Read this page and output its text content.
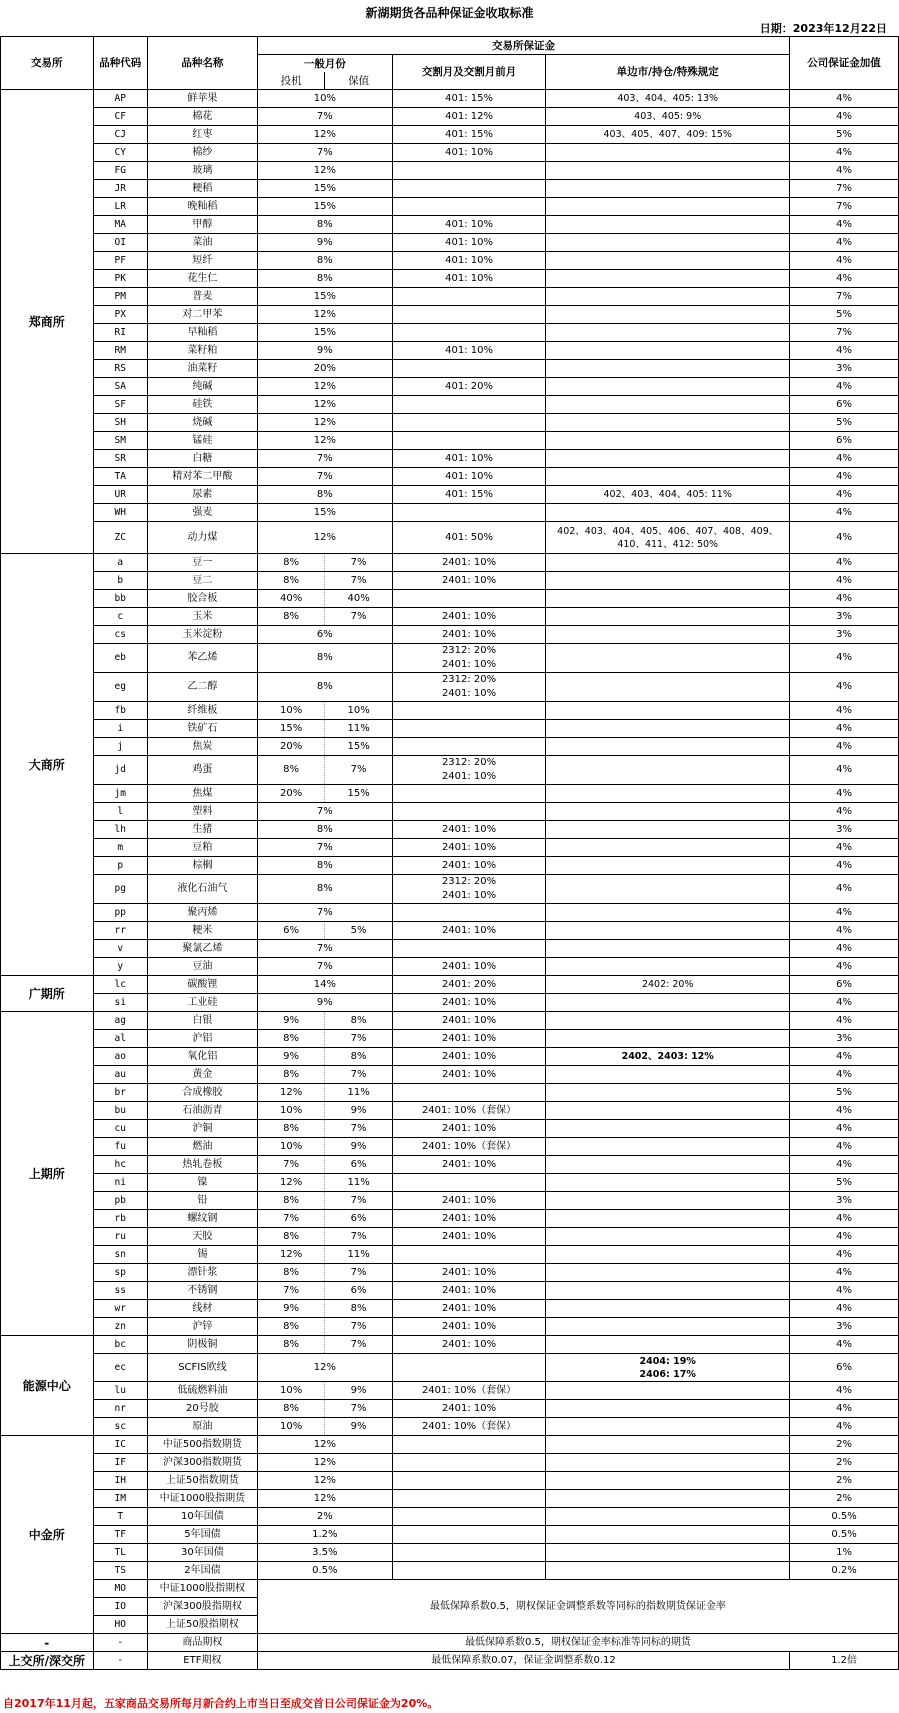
新湖期货各品种保证金收取标准
日期：2023年12月22日
交易所	品种代码	品种名称	交易所保证金				公司保证金加值
			一般月份		交割月及交割月前月	单边市/持仓/特殊规定	
			投机	保值			
郑商所	AP	鲜苹果	10%		401: 15%	403、404、405: 13%	4%
	CF	棉花	7%		401: 12%	403、405: 9%	4%
	CJ	红枣	12%		401: 15%	403、405、407、409: 15%	5%
	CY	棉纱	7%		401: 10%		4%
	FG	玻璃	12%				4%
	JR	粳稻	15%				7%
	LR	晚籼稻	15%				7%
	MA	甲醇	8%		401: 10%		4%
	OI	菜油	9%		401: 10%		4%
	PF	短纤	8%		401: 10%		4%
	PK	花生仁	8%		401: 10%		4%
	PM	普麦	15%				7%
	PX	对二甲苯	12%				5%
	RI	早籼稻	15%				7%
	RM	菜籽粕	9%		401: 10%		4%
	RS	油菜籽	20%				3%
	SA	纯碱	12%		401: 20%		4%
	SF	硅铁	12%				6%
	SH	烧碱	12%				5%
	SM	锰硅	12%				6%
	SR	白糖	7%		401: 10%		4%
	TA	精对苯二甲酸	7%		401: 10%		4%
	UR	尿素	8%		401: 15%	402、403、404、405: 11%	4%
	WH	强麦	15%				4%
	ZC	动力煤	12%		401: 50%	402、403、404、405、406、407、408、409、410、411、412: 50%	4%
大商所	a	豆一	8%	7%	2401: 10%		4%
	b	豆二	8%	7%	2401: 10%		4%
	bb	胶合板	40%	40%			4%
	c	玉米	8%	7%	2401: 10%		3%
	cs	玉米淀粉	6%		2401: 10%		3%
	eb	苯乙烯	8%		2312: 20%
2401: 10%		4%
	eg	乙二醇	8%		2312: 20%
2401: 10%		4%
	fb	纤维板	10%	10%			4%
	i	铁矿石	15%	11%			4%
	j	焦炭	20%	15%			4%
	jd	鸡蛋	8%	7%	2312: 20%
2401: 10%		4%
	jm	焦煤	20%	15%			4%
	l	塑料	7%				4%
	lh	生猪	8%		2401: 10%		3%
	m	豆粕	7%		2401: 10%		4%
	p	棕榈	8%		2401: 10%		4%
	pg	液化石油气	8%		2312: 20%
2401: 10%		4%
	pp	聚丙烯	7%				4%
	rr	粳米	6%	5%	2401: 10%		4%
	v	聚氯乙烯	7%				4%
	y	豆油	7%		2401: 10%		4%
广期所	lc	碳酸锂	14%		2401: 20%	2402: 20%	6%
	si	工业硅	9%		2401: 10%		4%
上期所	ag	白银	9%	8%	2401: 10%		4%
	al	沪铝	8%	7%	2401: 10%		3%
	ao	氧化铝	9%	8%	2401: 10%	2402、2403: 12%	4%
	au	黄金	8%	7%	2401: 10%		4%
	br	合成橡胶	12%	11%			5%
	bu	石油沥青	10%	9%	2401: 10%（套保）		4%
	cu	沪铜	8%	7%	2401: 10%		4%
	fu	燃油	10%	9%	2401: 10%（套保）		4%
	hc	热轧卷板	7%	6%	2401: 10%		4%
	ni	镍	12%	11%			5%
	pb	铅	8%	7%	2401: 10%		3%
	rb	螺纹钢	7%	6%	2401: 10%		4%
	ru	天胶	8%	7%	2401: 10%		4%
	sn	锡	12%	11%			4%
	sp	漂针浆	8%	7%	2401: 10%		4%
	ss	不锈钢	7%	6%	2401: 10%		4%
	wr	线材	9%	8%	2401: 10%		4%
	zn	沪锌	8%	7%	2401: 10%		3%
能源中心	bc	阴极铜	8%	7%	2401: 10%		4%
	ec	SCFIS欧线	12%			2404: 19%
2406: 17%	6%
	lu	低硫燃料油	10%	9%	2401: 10%（套保）		4%
	nr	20号胶	8%	7%	2401: 10%		4%
	sc	原油	10%	9%	2401: 10%（套保）		4%
中金所	IC	中证500指数期货	12%				2%
	IF	沪深300指数期货	12%				2%
	IH	上证50指数期货	12%				2%
	IM	中证1000股指期货	12%				2%
	T	10年国债	2%				0.5%
	TF	5年国债	1.2%				0.5%
	TL	30年国债	3.5%				1%
	TS	2年国债	0.5%				0.2%
	MO	中证1000股指期权	最低保障系数0.5，期权保证金调整系数等同标的指数期货保证金率				
	IO	沪深300股指期权					
	HO	上证50股指期权					
-	-	商品期权	最低保障系数0.5，期权保证金率标准等同标的期货				
上交所/深交所	-	ETF期权	最低保障系数0.07，保证金调整系数0.12				1.2倍
自2017年11月起，五家商品交易所每月新合约上市当日至成交首日公司保证金为20%。
